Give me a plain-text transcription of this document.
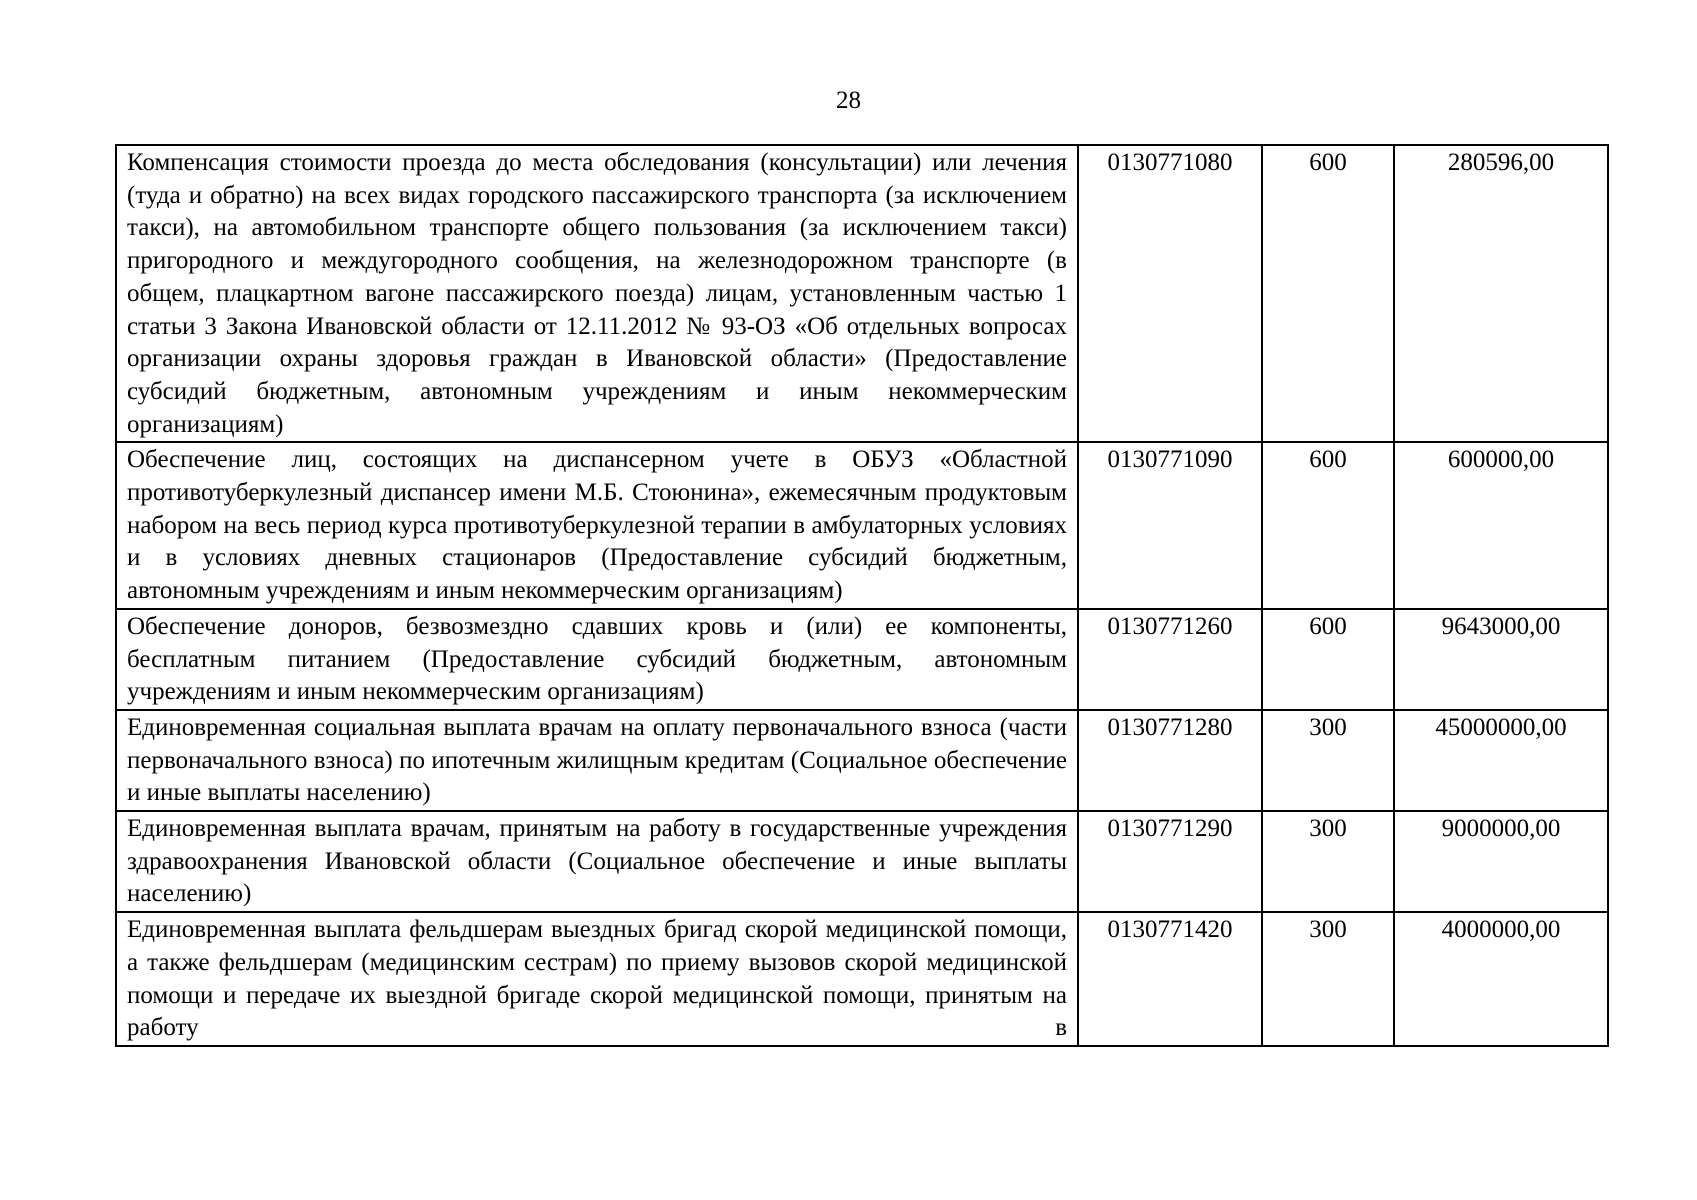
28
Компенсация стоимости проезда до места обследования (консультации) или лечения (туда и обратно) на всех видах городского пассажирского транспорта (за исключением такси), на автомобильном транспорте общего пользования (за исключением такси) пригородного и междугородного сообщения, на железнодорожном транспорте (в общем, плацкартном вагоне пассажирского поезда) лицам, установленным частью 1 статьи 3 Закона Ивановской области от 12.11.2012 № 93-ОЗ «Об отдельных вопросах организации охраны здоровья граждан в Ивановской области» (Предоставление субсидий бюджетным, автономным учреждениям и иным некоммерческим организациям)	0130771080	600	280596,00
Обеспечение лиц, состоящих на диспансерном учете в ОБУЗ «Областной противотуберкулезный диспансер имени М.Б. Стоюнина», ежемесячным продуктовым набором на весь период курса противотуберкулезной терапии в амбулаторных условиях и в условиях дневных стационаров (Предоставление субсидий бюджетным, автономным учреждениям и иным некоммерческим организациям)	0130771090	600	600000,00
Обеспечение доноров, безвозмездно сдавших кровь и (или) ее компоненты, бесплатным питанием (Предоставление субсидий бюджетным, автономным учреждениям и иным некоммерческим организациям)	0130771260	600	9643000,00
Единовременная социальная выплата врачам на оплату первоначального взноса (части первоначального взноса) по ипотечным жилищным кредитам (Социальное обеспечение и иные выплаты населению)	0130771280	300	45000000,00
Единовременная выплата врачам, принятым на работу в государственные учреждения здравоохранения Ивановской области (Социальное обеспечение и иные выплаты населению)	0130771290	300	9000000,00
Единовременная выплата фельдшерам выездных бригад скорой медицинской помощи, а также фельдшерам (медицинским сестрам) по приему вызовов скорой медицинской помощи и передаче их выездной бригаде скорой медицинской помощи, принятым на работу в	0130771420	300	4000000,00
